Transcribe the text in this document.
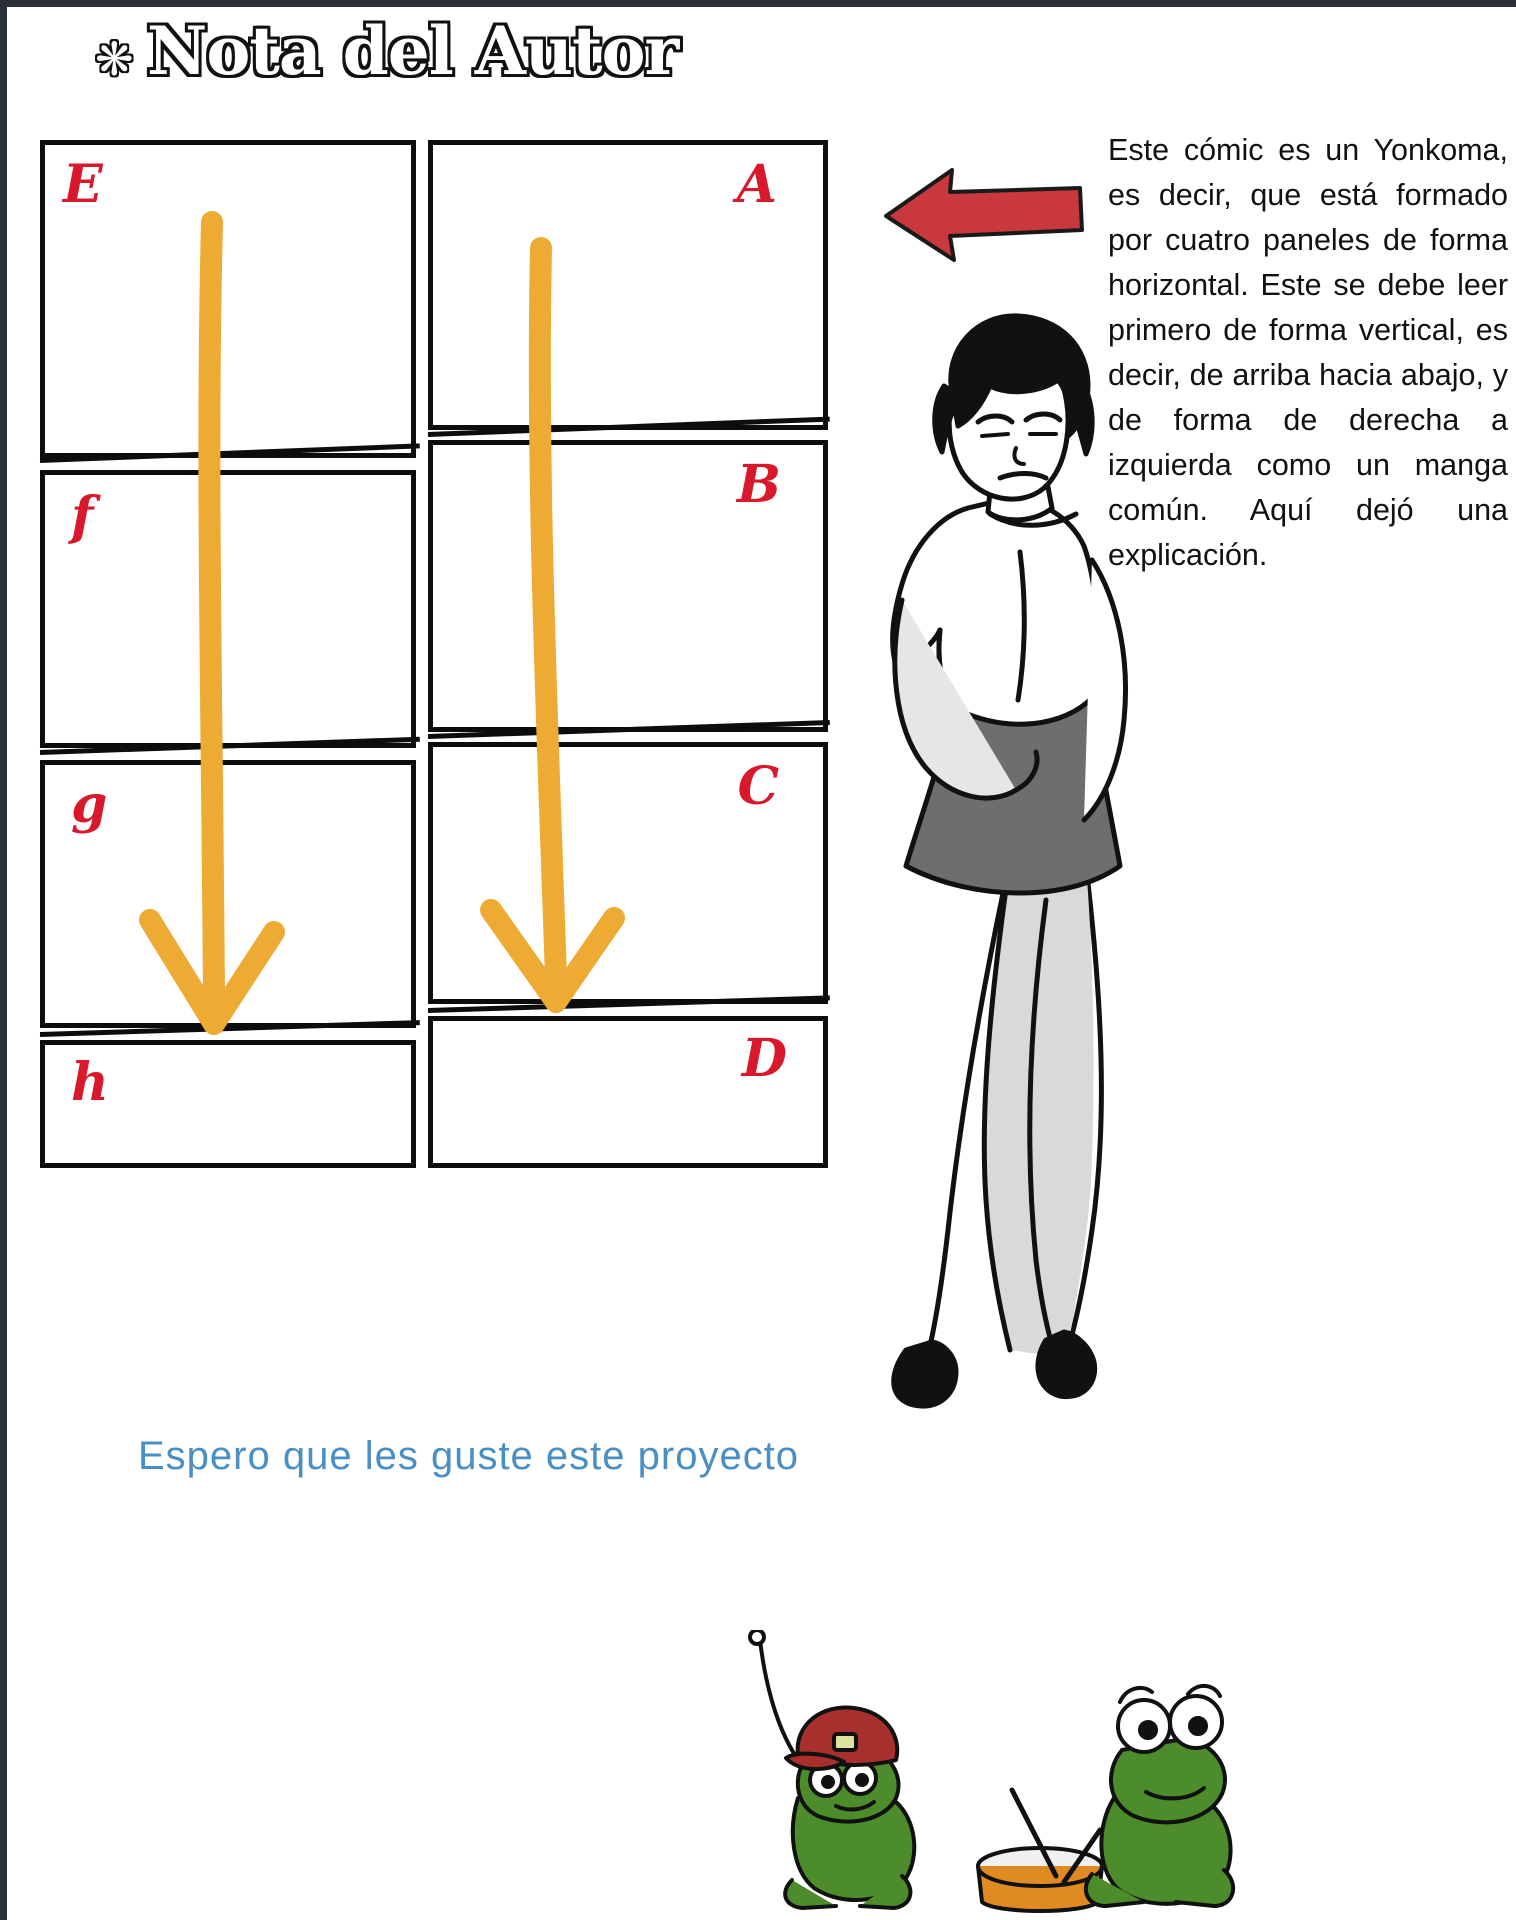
❋ Nota del Autor
E	A
f
B
g	C
h	D
Este cómic es un Yonkoma, es decir, que está formado por cuatro paneles de forma horizontal. Este se debe leer primero de forma vertical, es decir, de arriba hacia abajo, y de forma de derecha a izquierda como un manga común. Aquí dejó una explicación.
Espero que les guste este proyecto
